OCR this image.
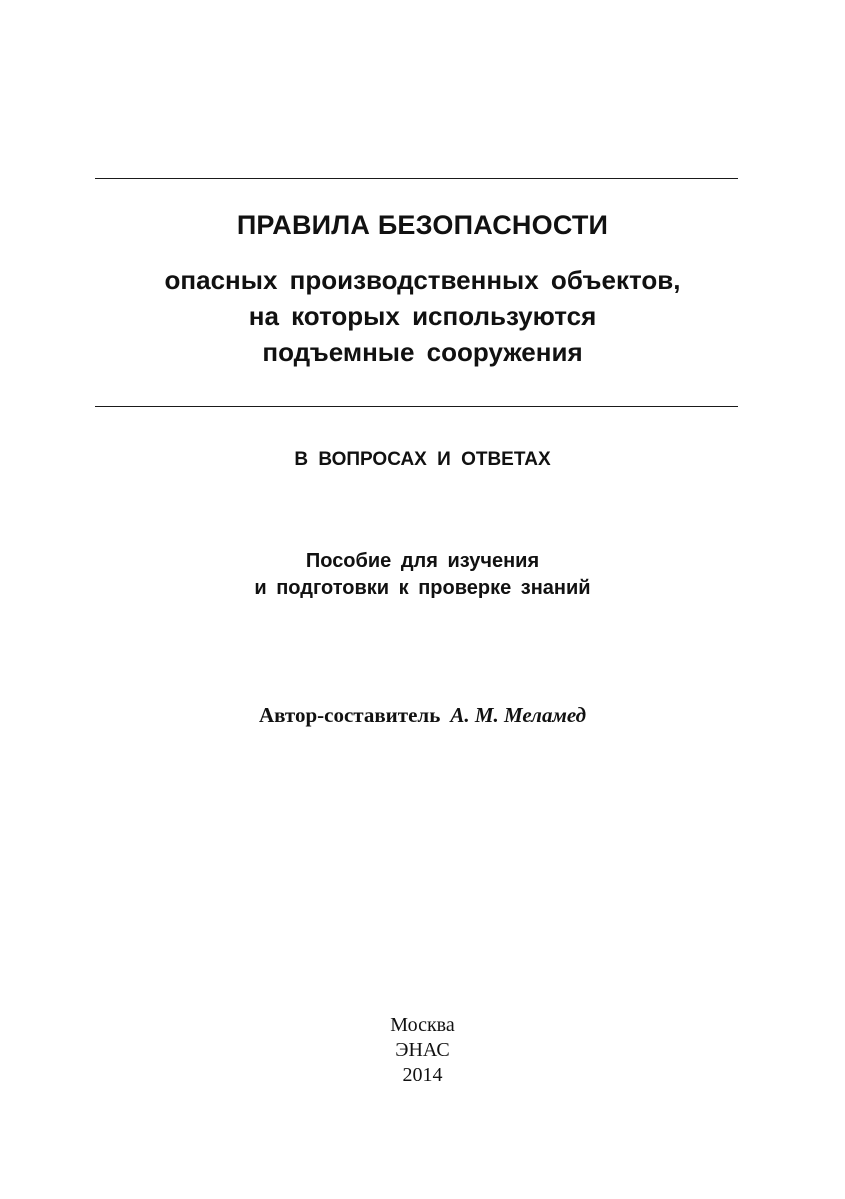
ПРАВИЛА БЕЗОПАСНОСТИ
опасных производственных объектов,
на которых используются
подъемные сооружения
В ВОПРОСАХ И ОТВЕТАХ
Пособие для изучения
и подготовки к проверке знаний
Автор-составитель А. М. Меламед
Москва
ЭНАС
2014
